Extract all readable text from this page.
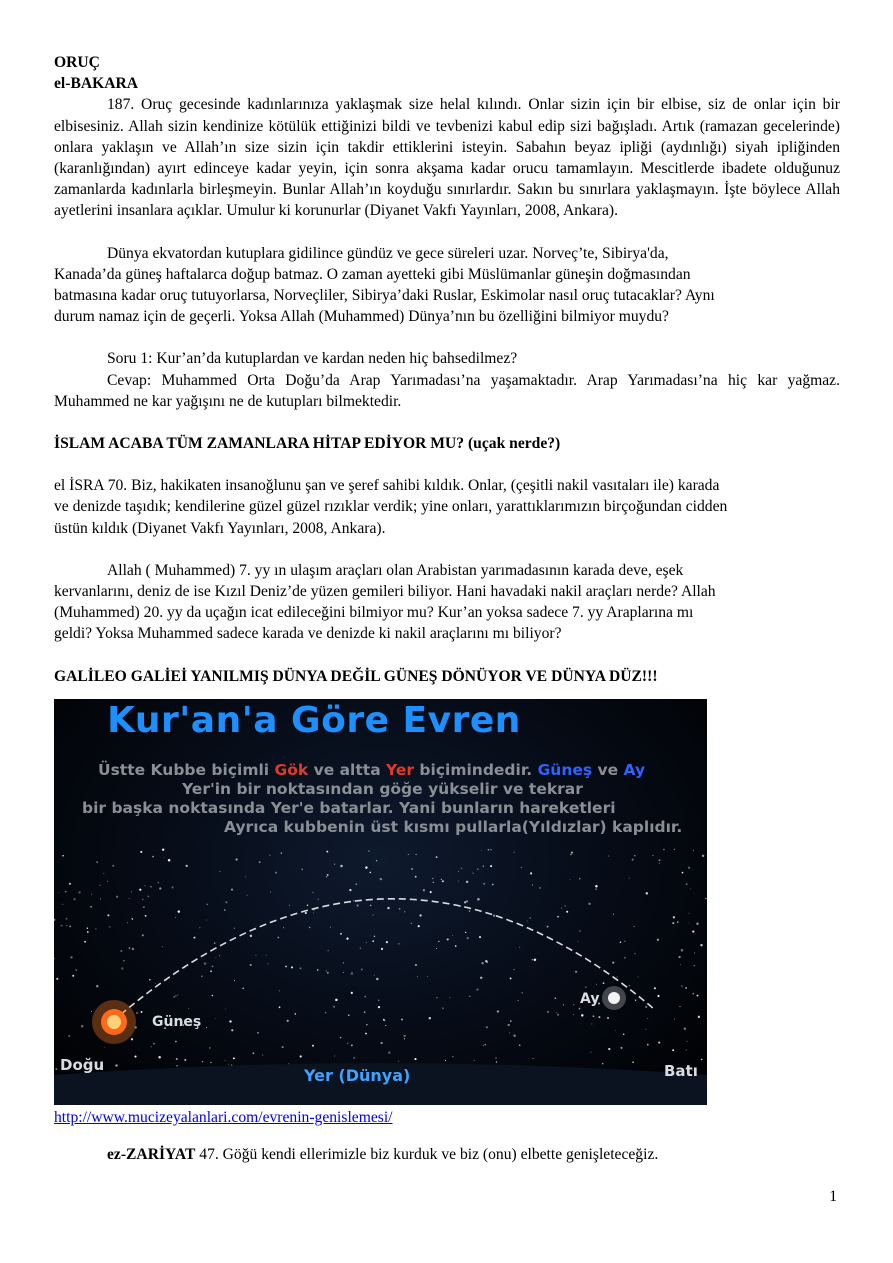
ORUÇ

el-BAKARA

187. Oruç gecesinde kadınlarınıza yaklaşmak size helal kılındı. Onlar sizin için bir elbise, siz de onlar için bir elbisesiniz. Allah sizin kendinize kötülük ettiğinizi bildi ve tevbenizi kabul edip sizi bağışladı. Artık (ramazan gecelerinde) onlara yaklaşın ve Allah’ın size sizin için takdir ettiklerini isteyin. Sabahın beyaz ipliği (aydınlığı) siyah ipliğinden (karanlığından) ayırt edinceye kadar yeyin, için sonra akşama kadar orucu tamamlayın. Mescitlerde ibadete olduğunuz zamanlarda kadınlarla birleşmeyin. Bunlar Allah’ın koyduğu sınırlardır. Sakın bu sınırlara yaklaşmayın. İşte böylece Allah ayetlerini insanlara açıklar. Umulur ki korunurlar (Diyanet Vakfı Yayınları, 2008, Ankara).

Dünya ekvatordan kutuplara gidilince gündüz ve gece süreleri uzar. Norveç’te, Sibirya'da,

Kanada’da güneş haftalarca doğup batmaz. O zaman ayetteki gibi Müslümanlar güneşin doğmasından

batmasına kadar oruç tutuyorlarsa, Norveçliler, Sibirya’daki Ruslar, Eskimolar nasıl oruç tutacaklar? Aynı

durum namaz için de geçerli. Yoksa Allah (Muhammed) Dünya’nın bu özelliğini bilmiyor muydu?

Soru 1: Kur’an’da kutuplardan ve kardan neden hiç bahsedilmez?

Cevap: Muhammed Orta Doğu’da Arap Yarımadası’na yaşamaktadır. Arap Yarımadası’na hiç kar yağmaz. Muhammed ne kar yağışını ne de kutupları bilmektedir.

İSLAM ACABA TÜM ZAMANLARA HİTAP EDİYOR MU? (uçak nerde?)

el İSRA 70. Biz, hakikaten insanoğlunu şan ve şeref sahibi kıldık. Onlar, (çeşitli nakil vasıtaları ile) karada

ve denizde taşıdık; kendilerine güzel güzel rızıklar verdik; yine onları, yarattıklarımızın birçoğundan cidden

üstün kıldık (Diyanet Vakfı Yayınları, 2008, Ankara).

Allah ( Muhammed) 7. yy ın ulaşım araçları olan Arabistan yarımadasının karada deve, eşek

kervanlarını, deniz de ise Kızıl Deniz’de yüzen gemileri biliyor. Hani havadaki nakil araçları nerde? Allah

(Muhammed) 20. yy da uçağın icat edileceğini bilmiyor mu? Kur’an yoksa sadece 7. yy Araplarına mı

geldi? Yoksa Muhammed sadece karada ve denizde ki nakil araçlarını mı biliyor?

GALİLEO GALİEİ YANILMIŞ DÜNYA DEĞİL GÜNEŞ DÖNÜYOR VE DÜNYA DÜZ!!!

Kur'an'a Göre Evren
Üstte Kubbe biçimli Gök ve altta Yer biçimindedir. Güneş ve Ay
Yer'in bir noktasından göğe yükselir ve tekrar
bir başka noktasında Yer'e batarlar. Yani bunların hareketleri
Ayrıca kubbenin üst kısmı pullarla(Yıldızlar) kaplıdır.
Güneş
Ay
Doğu	Batı
Yer (Dünya)

http://www.mucizeyalanlari.com/evrenin-genislemesi/

ez-ZARİYAT 47. Göğü kendi ellerimizle biz kurduk ve biz (onu) elbette genişleteceğiz.

1
